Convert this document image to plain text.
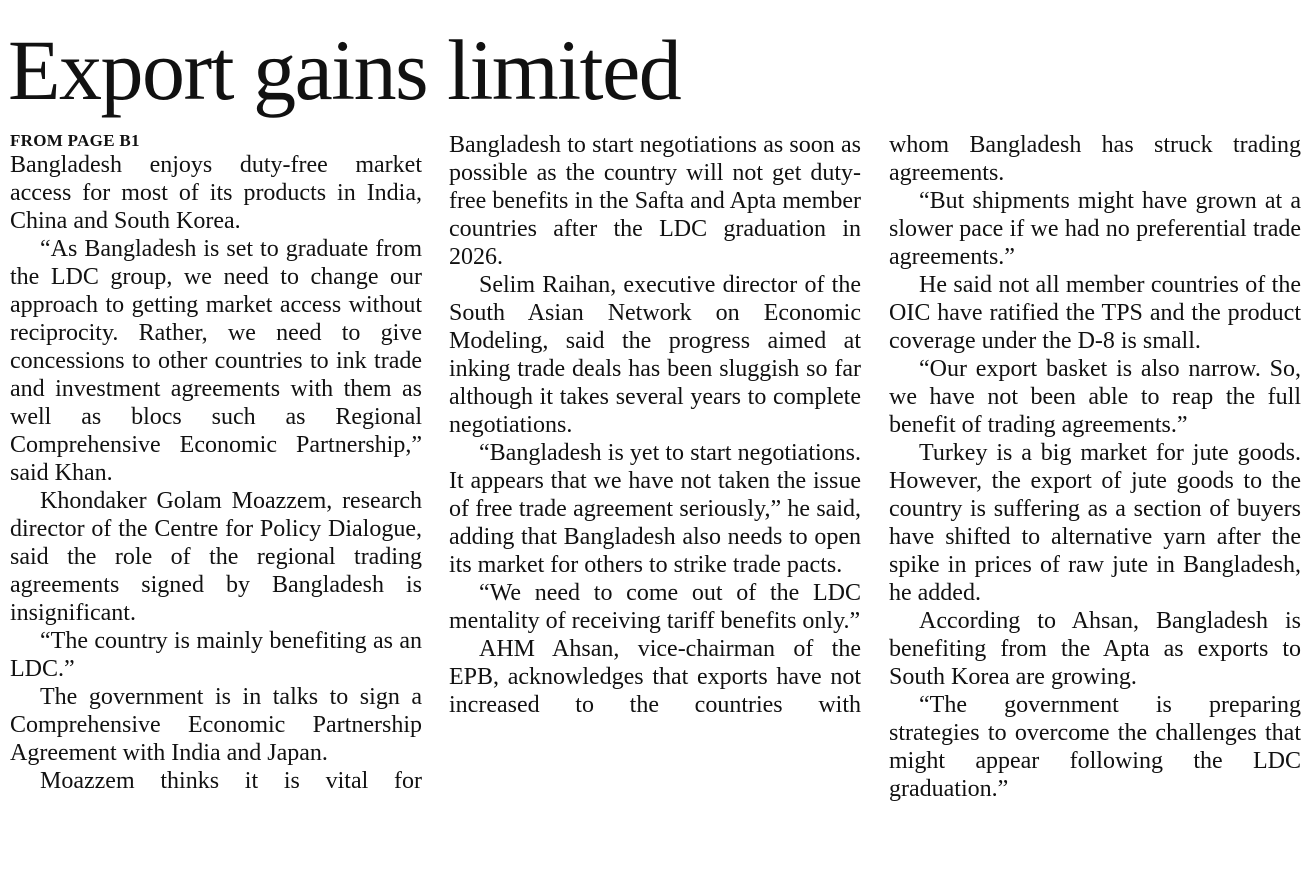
Export gains limited
FROM PAGE B1

Bangladesh enjoys duty-free market access for most of its products in India, China and South Korea.

“As Bangladesh is set to graduate from the LDC group, we need to change our approach to getting market access without reciprocity. Rather, we need to give concessions to other countries to ink trade and investment agreements with them as well as blocs such as Regional Comprehensive Economic Partnership,” said Khan.

Khondaker Golam Moazzem, research director of the Centre for Policy Dialogue, said the role of the regional trading agreements signed by Bangladesh is insignificant.

“The country is mainly benefiting as an LDC.”

The government is in talks to sign a Comprehensive Economic Partnership Agreement with India and Japan.

Moazzem thinks it is vital for

Bangladesh to start negotiations as soon as possible as the country will not get duty-free benefits in the Safta and Apta member countries after the LDC graduation in 2026.

Selim Raihan, executive director of the South Asian Network on Economic Modeling, said the progress aimed at inking trade deals has been sluggish so far although it takes several years to complete negotiations.

“Bangladesh is yet to start negotiations. It appears that we have not taken the issue of free trade agreement seriously,” he said, adding that Bangladesh also needs to open its market for others to strike trade pacts.

“We need to come out of the LDC mentality of receiving tariff benefits only.”

AHM Ahsan, vice-chairman of the EPB, acknowledges that exports have not increased to the countries with

whom Bangladesh has struck trading agreements.

“But shipments might have grown at a slower pace if we had no preferential trade agreements.”

He said not all member countries of the OIC have ratified the TPS and the product coverage under the D-8 is small.

“Our export basket is also narrow. So, we have not been able to reap the full benefit of trading agreements.”

Turkey is a big market for jute goods. However, the export of jute goods to the country is suffering as a section of buyers have shifted to alternative yarn after the spike in prices of raw jute in Bangladesh, he added.

According to Ahsan, Bangladesh is benefiting from the Apta as exports to South Korea are growing.

“The government is preparing strategies to overcome the challenges that might appear following the LDC graduation.”
